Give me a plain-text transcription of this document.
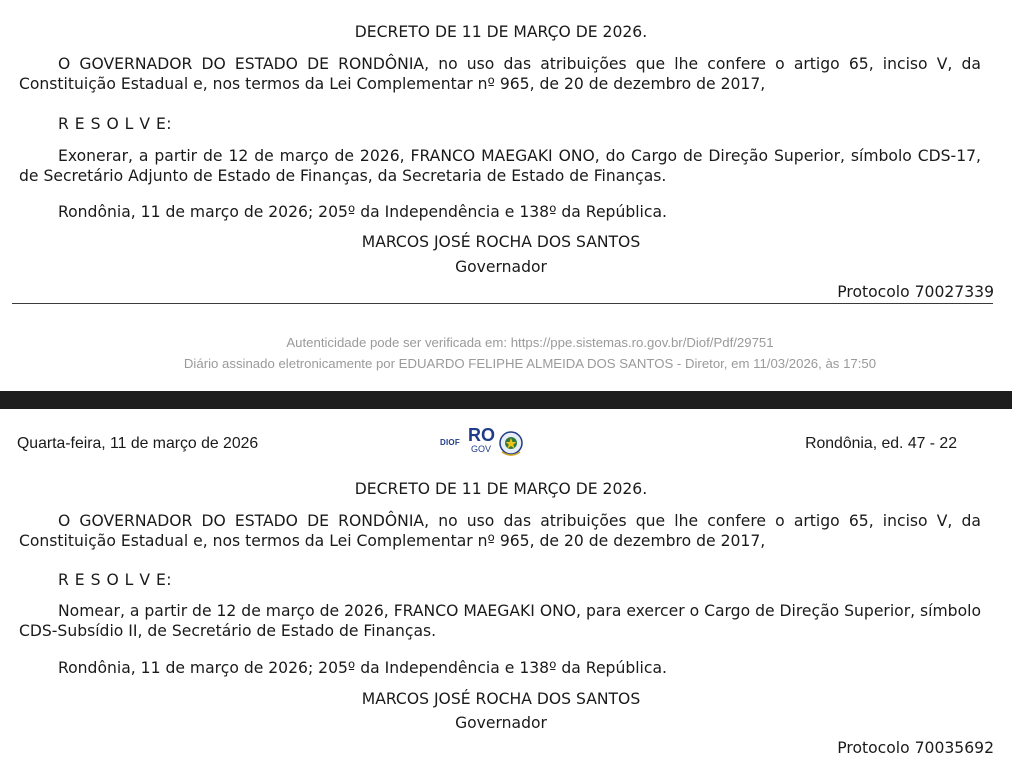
DECRETO DE 11 DE MARÇO DE 2026.

O GOVERNADOR DO ESTADO DE RONDÔNIA, no uso das atribuições que lhe confere o artigo 65, inciso V, da Constituição Estadual e, nos termos da Lei Complementar nº 965, de 20 de dezembro de 2017,

R E S O L V E:

Exonerar, a partir de 12 de março de 2026, FRANCO MAEGAKI ONO, do Cargo de Direção Superior, símbolo CDS-17, de Secretário Adjunto de Estado de Finanças, da Secretaria de Estado de Finanças.

Rondônia, 11 de março de 2026; 205º da Independência e 138º da República.

MARCOS JOSÉ ROCHA DOS SANTOS

Governador

Protocolo 70027339
Autenticidade pode ser verificada em: https://ppe.sistemas.ro.gov.br/Diof/Pdf/29751
Diário assinado eletronicamente por EDUARDO FELIPHE ALMEIDA DOS SANTOS - Diretor, em 11/03/2026, às 17:50
Quarta-feira, 11 de março de 2026	DIOF RO
GOV	Rondônia, ed. 47 - 22

DECRETO DE 11 DE MARÇO DE 2026.

O GOVERNADOR DO ESTADO DE RONDÔNIA, no uso das atribuições que lhe confere o artigo 65, inciso V, da Constituição Estadual e, nos termos da Lei Complementar nº 965, de 20 de dezembro de 2017,

R E S O L V E:

Nomear, a partir de 12 de março de 2026, FRANCO MAEGAKI ONO, para exercer o Cargo de Direção Superior, símbolo CDS-Subsídio II, de Secretário de Estado de Finanças.

Rondônia, 11 de março de 2026; 205º da Independência e 138º da República.

MARCOS JOSÉ ROCHA DOS SANTOS

Governador

Protocolo 70035692
